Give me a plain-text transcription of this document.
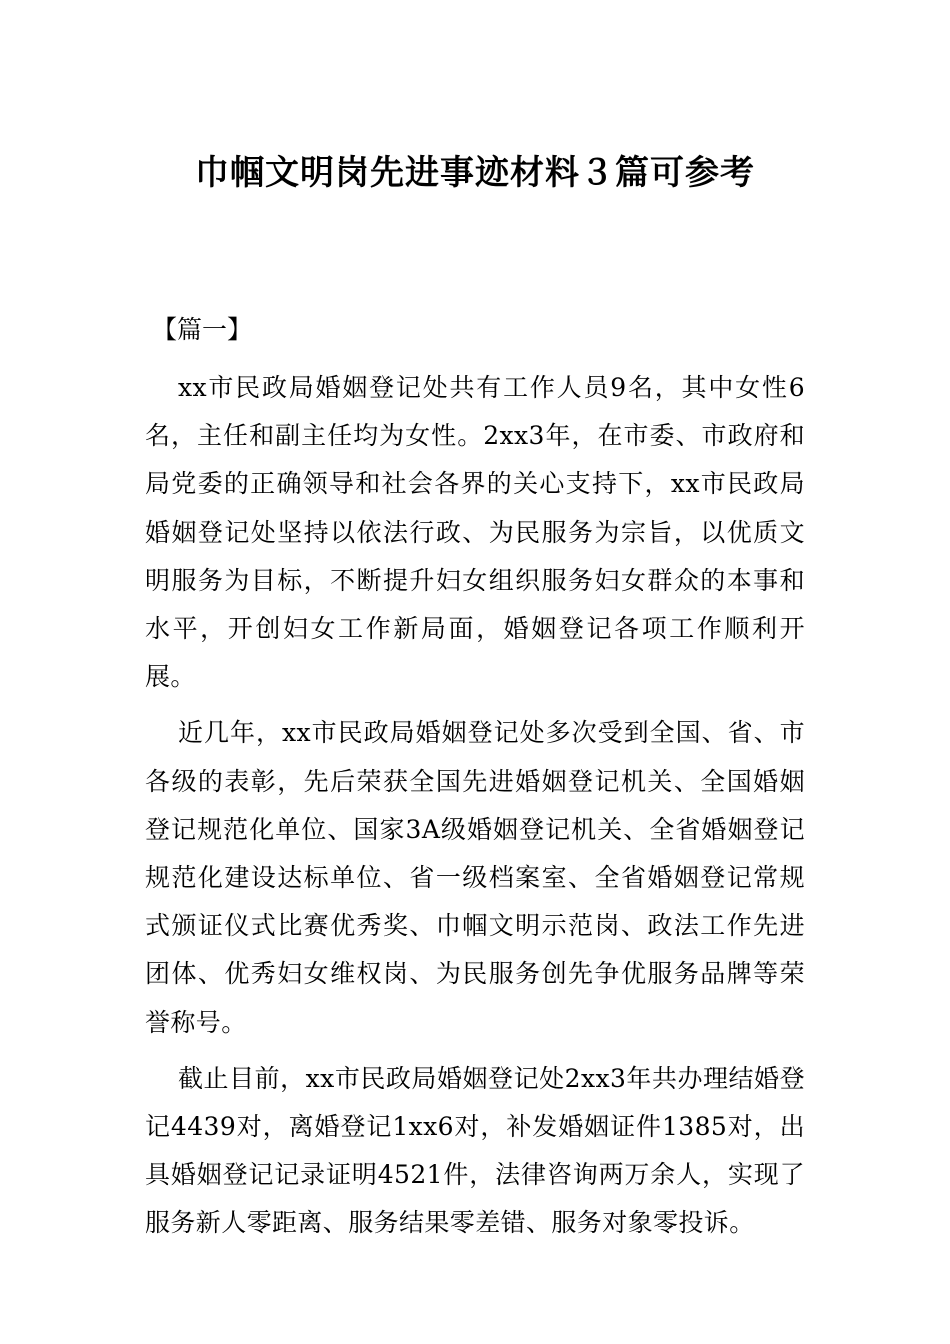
巾帼文明岗先进事迹材料３篇可参考
【篇一】

xx市民政局婚姻登记处共有工作人员9名，其中女性6名，主任和副主任均为女性。2xx3年，在市委、市政府和局党委的正确领导和社会各界的关心支持下，xx市民政局婚姻登记处坚持以依法行政、为民服务为宗旨，以优质文明服务为目标，不断提升妇女组织服务妇女群众的本事和水平，开创妇女工作新局面，婚姻登记各项工作顺利开展。

近几年，xx市民政局婚姻登记处多次受到全国、省、市各级的表彰，先后荣获全国先进婚姻登记机关、全国婚姻登记规范化单位、国家3A级婚姻登记机关、全省婚姻登记规范化建设达标单位、省一级档案室、全省婚姻登记常规式颁证仪式比赛优秀奖、巾帼文明示范岗、政法工作先进团体、优秀妇女维权岗、为民服务创先争优服务品牌等荣誉称号。

截止目前，xx市民政局婚姻登记处2xx3年共办理结婚登记4439对，离婚登记1xx6对，补发婚姻证件1385对，出具婚姻登记记录证明4521件，法律咨询两万余人，实现了服务新人零距离、服务结果零差错、服务对象零投诉。
